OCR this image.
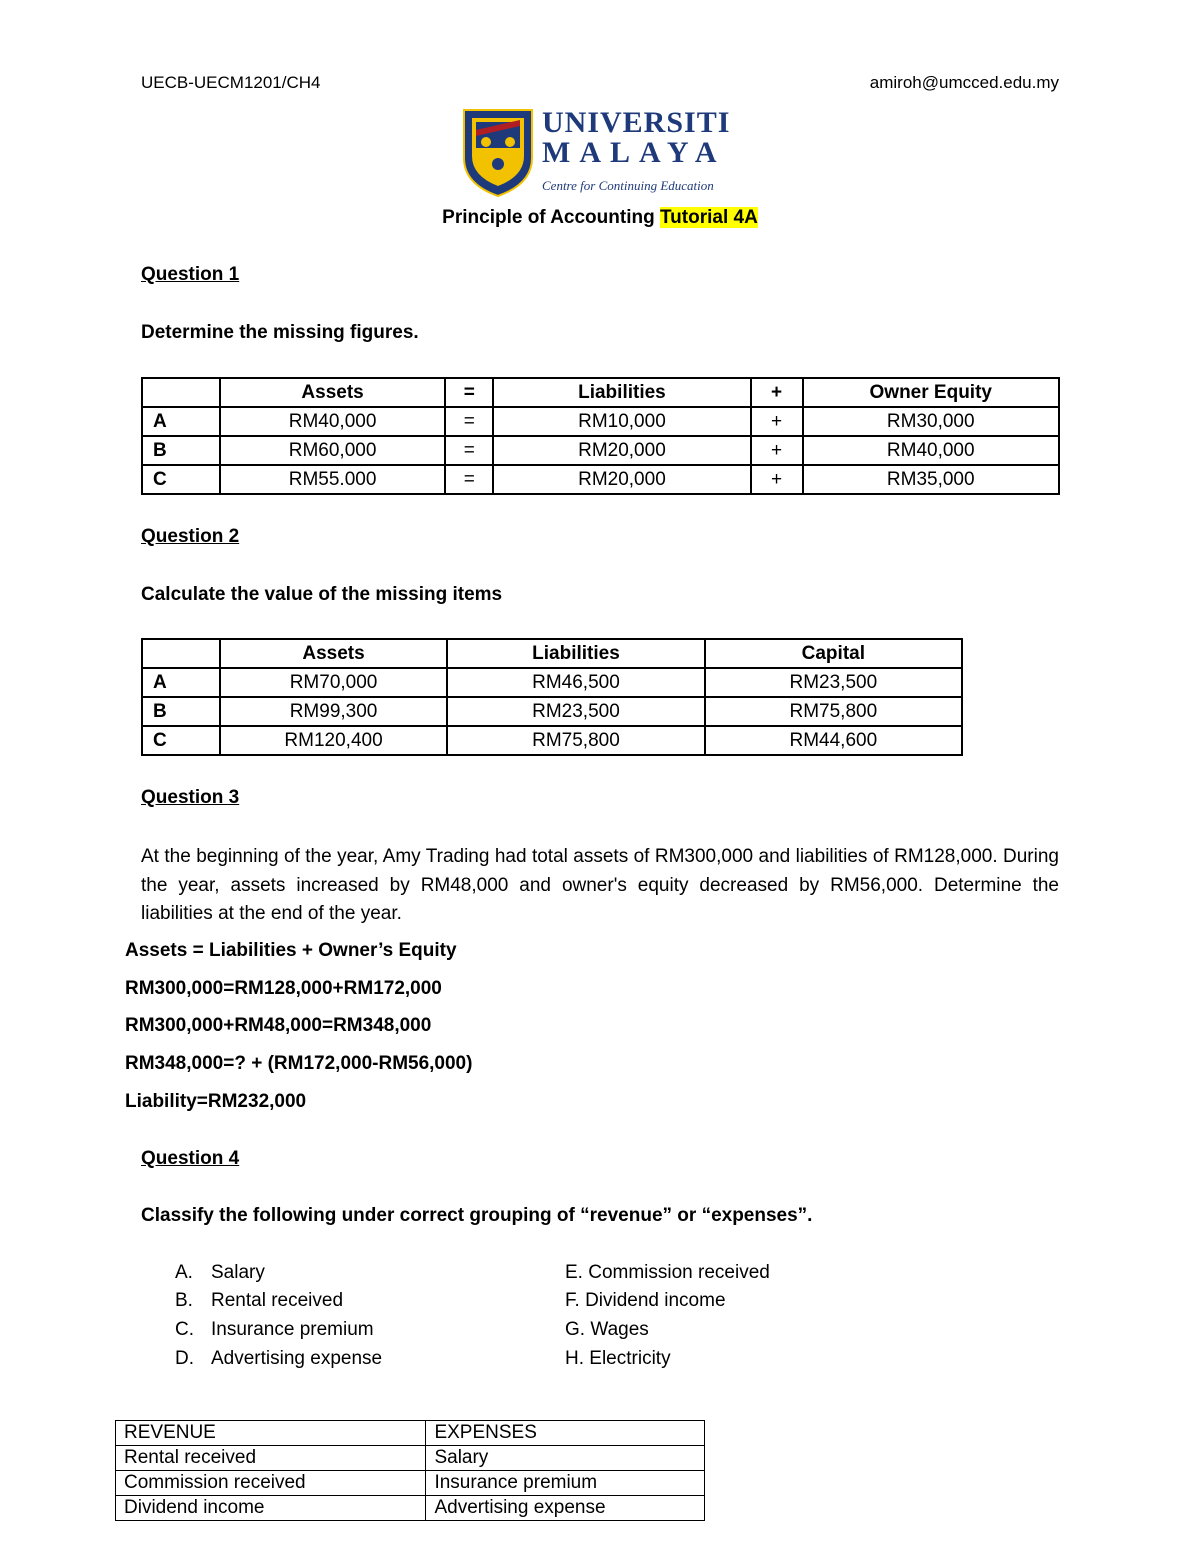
UECB-UECM1201/CH4	amiroh@umcced.edu.my
UNIVERSITI
MALAYA
Centre for Continuing Education
Principle of Accounting Tutorial 4A
Question 1
Determine the missing figures.
	Assets	=	Liabilities	+	Owner Equity
A	RM40,000	=	RM10,000	+	RM30,000
B	RM60,000	=	RM20,000	+	RM40,000
C	RM55.000	=	RM20,000	+	RM35,000
Question 2
Calculate the value of the missing items
	Assets	Liabilities	Capital
A	RM70,000	RM46,500	RM23,500
B	RM99,300	RM23,500	RM75,800
C	RM120,400	RM75,800	RM44,600
Question 3
At the beginning of the year, Amy Trading had total assets of RM300,000 and liabilities of RM128,000. During the year, assets increased by RM48,000 and owner's equity decreased by RM56,000. Determine the liabilities at the end of the year.
Assets = Liabilities + Owner’s Equity
RM300,000=RM128,000+RM172,000
RM300,000+RM48,000=RM348,000
RM348,000=? + (RM172,000-RM56,000)
Liability=RM232,000
Question 4
Classify the following under correct grouping of “revenue” or “expenses”.
A. Salary
B. Rental received
C. Insurance premium
D. Advertising expense
E. Commission received
F. Dividend income
G. Wages
H. Electricity
REVENUE	EXPENSES
Rental received	Salary
Commission received	Insurance premium
Dividend income	Advertising expense
